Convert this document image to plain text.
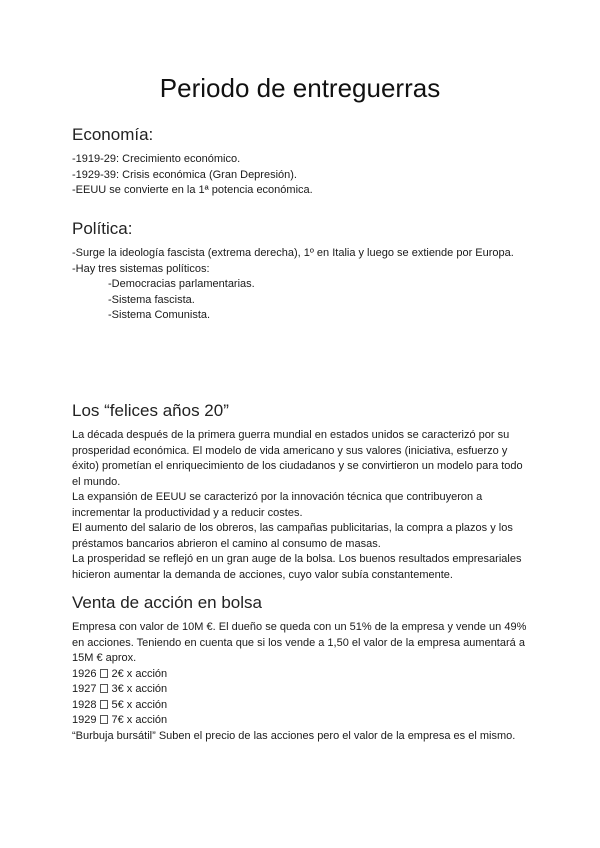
Periodo de entreguerras
Economía:
-1919-29: Crecimiento económico.
-1929-39: Crisis económica (Gran Depresión).
-EEUU se convierte en la 1ª potencia económica.
Política:
-Surge la ideología fascista (extrema derecha), 1º en Italia y luego se extiende por Europa.
-Hay tres sistemas políticos:
-Democracias parlamentarias.
-Sistema fascista.
-Sistema Comunista.
Los “felices años 20”
La década después de la primera guerra mundial en estados unidos se caracterizó por su prosperidad económica. El modelo de vida americano y sus valores (iniciativa, esfuerzo y éxito) prometían el enriquecimiento de los ciudadanos y se convirtieron un modelo para todo el mundo.
La expansión de EEUU se caracterizó por la innovación técnica que contribuyeron a incrementar la productividad y a reducir costes.
El aumento del salario de los obreros, las campañas publicitarias, la compra a plazos y los préstamos bancarios abrieron el camino al consumo de masas.
La prosperidad se reflejó en un gran auge de la bolsa. Los buenos resultados empresariales hicieron aumentar la demanda de acciones, cuyo valor subía constantemente.
Venta de acción en bolsa
Empresa con valor de 10M €. El dueño se queda con un 51% de la empresa y vende un 49% en acciones. Teniendo en cuenta que si los vende a 1,50 el valor de la empresa aumentará a 15M € aprox.
1926 2€ x acción
1927 3€ x acción
1928 5€ x acción
1929 7€ x acción
“Burbuja bursátil” Suben el precio de las acciones pero el valor de la empresa es el mismo.
